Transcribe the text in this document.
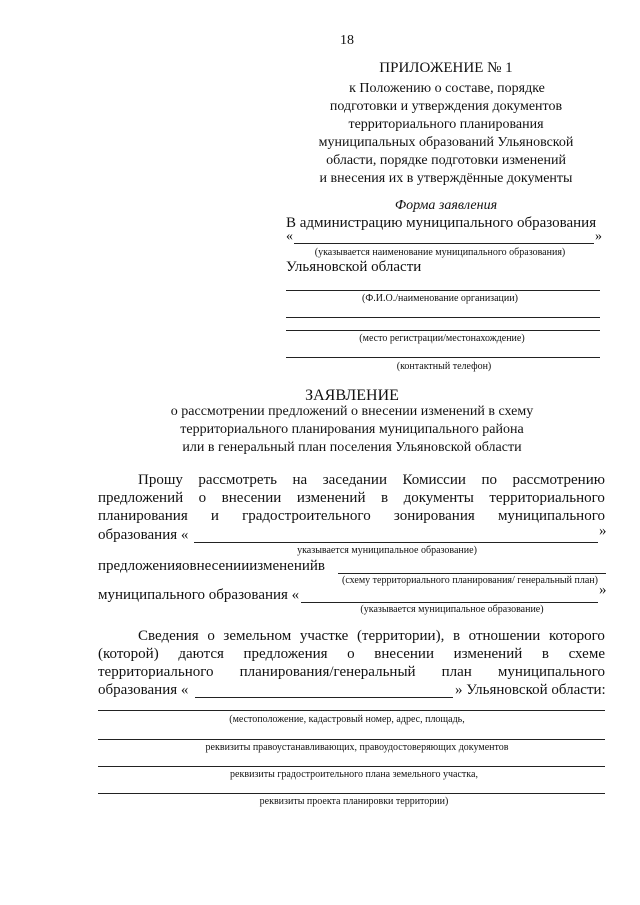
18
ПРИЛОЖЕНИЕ № 1
к Положению о составе, порядке
подготовки и утверждения документов
территориального планирования
муниципальных образований Ульяновской
области, порядке подготовки изменений
и внесения их в утверждённые документы
Форма заявления
В администрацию муниципального образования
«	»
(указывается наименование муниципального образования)
Ульяновской области
(Ф.И.О./наименование организации)
(место регистрации/местонахождение)
(контактный телефон)
ЗАЯВЛЕНИЕ
о рассмотрении предложений о внесении изменений в схему
территориального планирования муниципального района
или в генеральный план поселения Ульяновской области
Прошу рассмотреть на заседании Комиссии по рассмотрению
предложений о внесении изменений в документы территориального
планирования и градостроительного зонирования муниципального
образования «	»
указывается муниципальное образование)
предложения о внесении изменений в
(схему территориального планирования/ генеральный план)
муниципального образования «	»
(указывается муниципальное образование)
Сведения о земельном участке (территории), в отношении которого
(которой) даются предложения о внесении изменений в схеме
территориального планирования/генеральный план муниципального
образования «	» Ульяновской области:
(местоположение, кадастровый номер, адрес, площадь,
реквизиты правоустанавливающих, правоудостоверяющих документов
реквизиты градостроительного плана земельного участка,
реквизиты проекта планировки территории)
